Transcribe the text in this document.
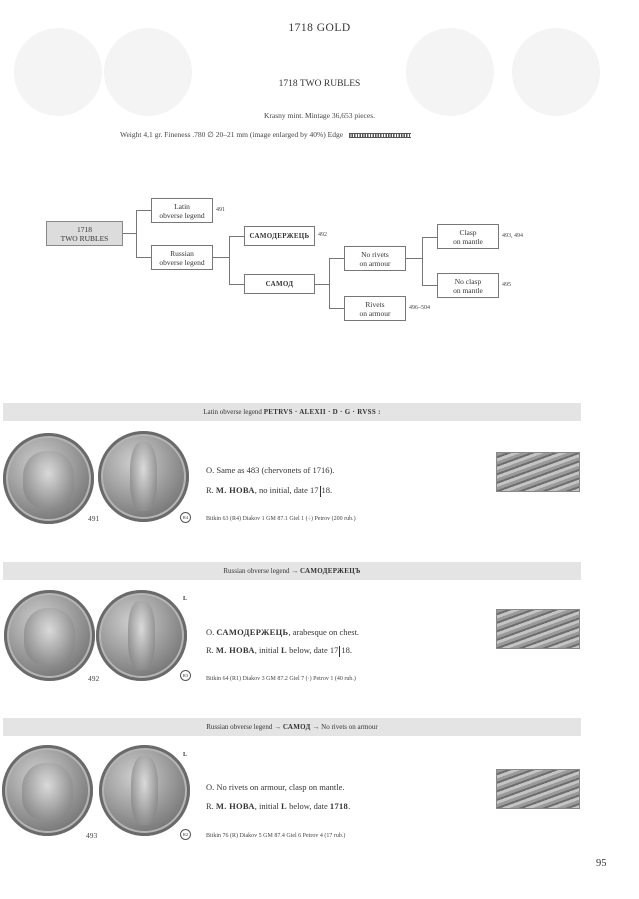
1718 GOLD
1718 TWO RUBLES
Krasny mint. Mintage 36,653 pieces.
Weight 4,1 gr. Fineness .780 ∅ 20–21 mm (image enlarged by 40%) Edge
1718
TWO RUBLES
Latin
obverse legend
491
Russian
obverse legend
САМОДЕРЖЕЦЬ 492
САМОД
No rivets
on armour
Rivets
on armour
496–504
Clasp
on mantle
493, 494
No clasp
on mantle
495
Latin obverse legend PETRVS · ALEXII · D · G · RVSS :
491	R4
O. Same as 483 (chervonets of 1716).
R. М. НОВА, no initial, date 17 18.
Bitkin 63 (R4) Diakov 1 GM 87.1 Giel 1 (÷) Petrov (200 rub.)
Russian obverse legend → САМОДЕРЖЕЦЪ
L
492	R3
O. САМОДЕРЖЕЦЬ, arabesque on chest.
R. М. НОВА, initial L below, date 17 18.
Bitkin 64 (R1) Diakov 3 GM 87.2 Giel 7 (·) Petrov 1 (40 rub.)
Russian obverse legend → САМОД → No rivets on armour
L
493	R2
O. No rivets on armour, clasp on mantle.
R. М. НОВА, initial L below, date 1718.
Bitkin 76 (R) Diakov 5 GM 87.4 Giel 6 Petrov 4 (17 rub.)
95
